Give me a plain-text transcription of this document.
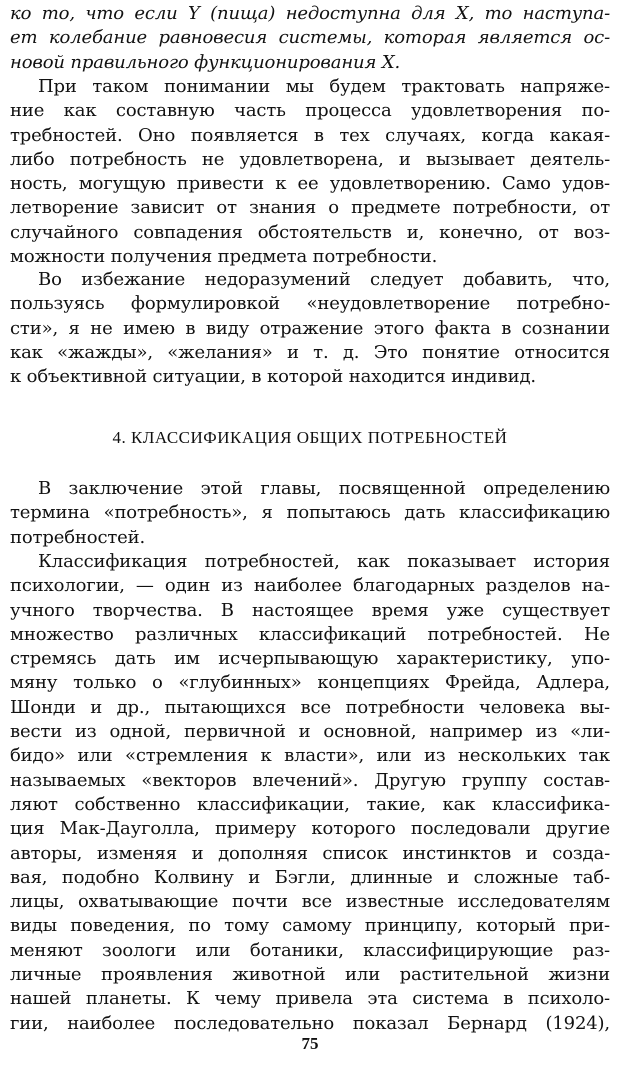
ко то, что если Y (пища) недоступна для X, то наступа-
ет колебание равновесия системы, которая является ос-
новой правильного функционирования X.
При таком понимании мы будем трактовать напряже-
ние как составную часть процесса удовлетворения по-
требностей. Оно появляется в тех случаях, когда какая-
либо потребность не удовлетворена, и вызывает деятель-
ность, могущую привести к ее удовлетворению. Само удов-
летворение зависит от знания о предмете потребности, от
случайного совпадения обстоятельств и, конечно, от воз-
можности получения предмета потребности.
Во избежание недоразумений следует добавить, что,
пользуясь формулировкой «неудовлетворение потребно-
сти», я не имею в виду отражение этого факта в сознании
как «жажды», «желания» и т. д. Это понятие относится
к объективной ситуации, в которой находится индивид.
4. КЛАССИФИКАЦИЯ ОБЩИХ ПОТРЕБНОСТЕЙ
В заключение этой главы, посвященной определению
термина «потребность», я попытаюсь дать классификацию
потребностей.
Классификация потребностей, как показывает история
психологии, — один из наиболее благодарных разделов на-
учного творчества. В настоящее время уже существует
множество различных классификаций потребностей. Не
стремясь дать им исчерпывающую характеристику, упо-
мяну только о «глубинных» концепциях Фрейда, Адлера,
Шонди и др., пытающихся все потребности человека вы-
вести из одной, первичной и основной, например из «ли-
бидо» или «стремления к власти», или из нескольких так
называемых «векторов влечений». Другую группу состав-
ляют собственно классификации, такие, как классифика-
ция Мак-Дауголла, примеру которого последовали другие
авторы, изменяя и дополняя список инстинктов и созда-
вая, подобно Колвину и Бэгли, длинные и сложные таб-
лицы, охватывающие почти все известные исследователям
виды поведения, по тому самому принципу, который при-
меняют зоологи или ботаники, классифицирующие раз-
личные проявления животной или растительной жизни
нашей планеты. К чему привела эта система в психоло-
гии, наиболее последовательно показал Бернард (1924),
75
